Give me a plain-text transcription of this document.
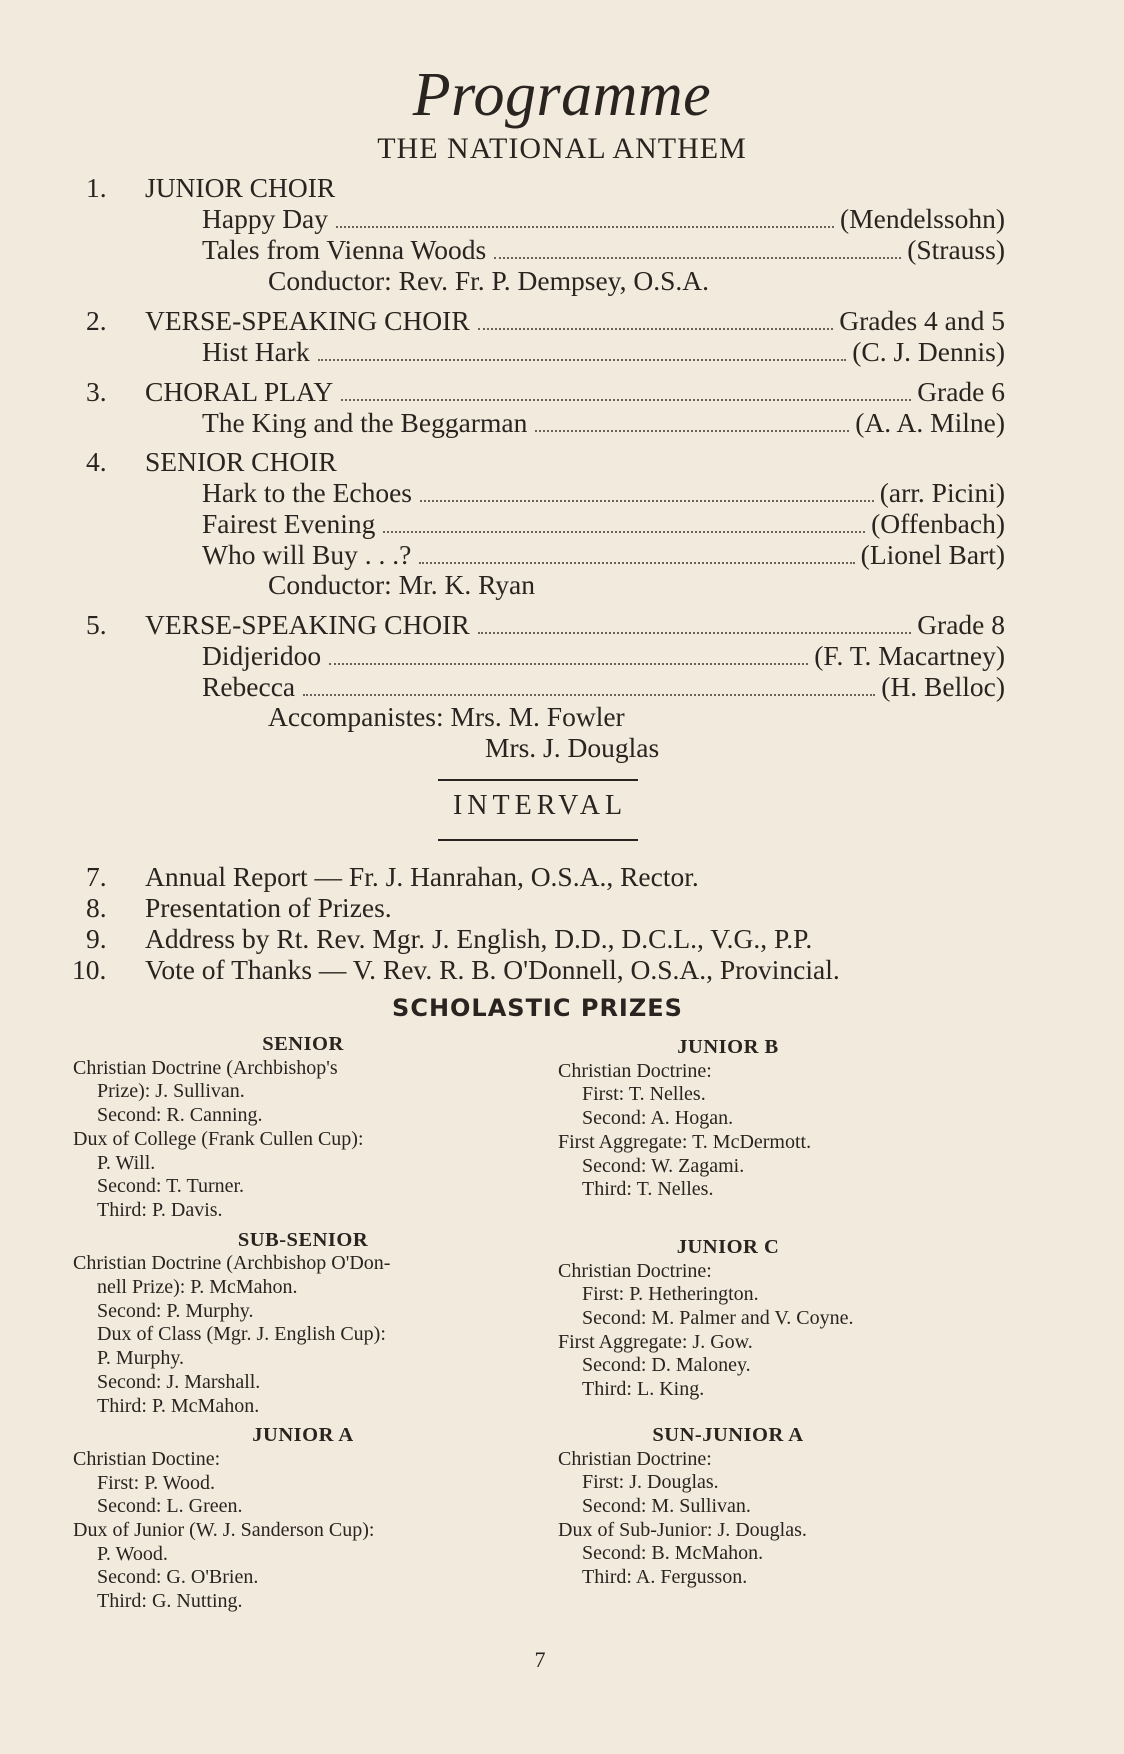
Programme
THE NATIONAL ANTHEM
1. JUNIOR CHOIR
Happy Day	(Mendelssohn)
Tales from Vienna Woods	(Strauss)
Conductor: Rev. Fr. P. Dempsey, O.S.A.
2. VERSE-SPEAKING CHOIR	Grades 4 and 5
Hist Hark	(C. J. Dennis)
3. CHORAL PLAY	Grade 6
The King and the Beggarman	(A. A. Milne)
4. SENIOR CHOIR
Hark to the Echoes	(arr. Picini)
Fairest Evening	(Offenbach)
Who will Buy . . .?	(Lionel Bart)
Conductor: Mr. K. Ryan
5. VERSE-SPEAKING CHOIR	Grade 8
Didjeridoo	(F. T. Macartney)
Rebecca	(H. Belloc)
Accompanistes: Mrs. M. Fowler
Mrs. J. Douglas
INTERVAL
7. Annual Report — Fr. J. Hanrahan, O.S.A., Rector.
8. Presentation of Prizes.
9. Address by Rt. Rev. Mgr. J. English, D.D., D.C.L., V.G., P.P.
10. Vote of Thanks — V. Rev. R. B. O'Donnell, O.S.A., Provincial.
SCHOLASTIC PRIZES
SENIOR
Christian Doctrine (Archbishop's
Prize): J. Sullivan.
Second: R. Canning.
Dux of College (Frank Cullen Cup):
P. Will.
Second: T. Turner.
Third: P. Davis.
SUB-SENIOR
Christian Doctrine (Archbishop O'Don-
nell Prize): P. McMahon.
Second: P. Murphy.
Dux of Class (Mgr. J. English Cup):
P. Murphy.
Second: J. Marshall.
Third: P. McMahon.
JUNIOR A
Christian Doctine:
First: P. Wood.
Second: L. Green.
Dux of Junior (W. J. Sanderson Cup):
P. Wood.
Second: G. O'Brien.
Third: G. Nutting.
JUNIOR B
Christian Doctrine:
First: T. Nelles.
Second: A. Hogan.
First Aggregate: T. McDermott.
Second: W. Zagami.
Third: T. Nelles.
JUNIOR C
Christian Doctrine:
First: P. Hetherington.
Second: M. Palmer and V. Coyne.
First Aggregate: J. Gow.
Second: D. Maloney.
Third: L. King.
SUN-JUNIOR A
Christian Doctrine:
First: J. Douglas.
Second: M. Sullivan.
Dux of Sub-Junior: J. Douglas.
Second: B. McMahon.
Third: A. Fergusson.
7
